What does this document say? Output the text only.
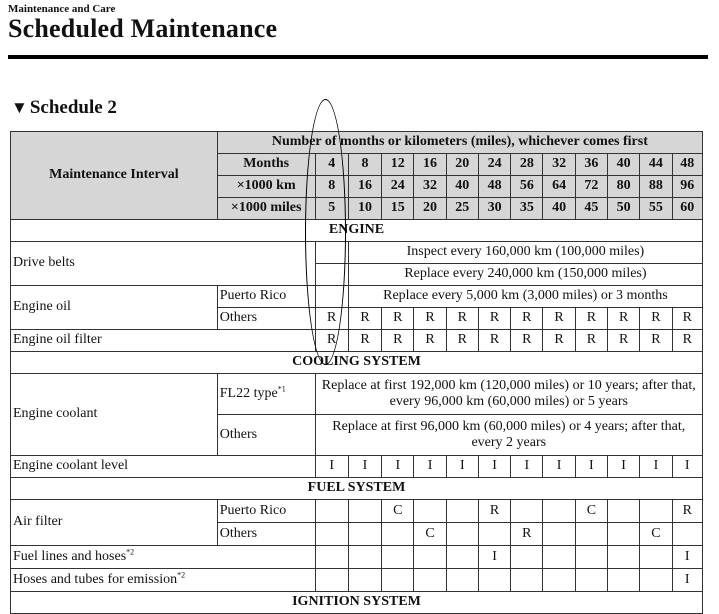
Maintenance and Care
Scheduled Maintenance
▼ Schedule 2
Maintenance Interval	Number of months or kilometers (miles), whichever comes first												
	Months	4	8	12	16	20	24	28	32	36	40	44	48
	×1000 km	8	16	24	32	40	48	56	64	72	80	88	96
	×1000 miles	5	10	15	20	25	30	35	40	45	50	55	60
ENGINE													
Drive belts			Inspect every 160,000 km (100,000 miles)										
			Replace every 240,000 km (150,000 miles)										
Engine oil	Puerto Rico		Replace every 5,000 km (3,000 miles) or 3 months										
	Others	R	R	R	R	R	R	R	R	R	R	R	R
Engine oil filter		R	R	R	R	R	R	R	R	R	R	R	R
COOLING SYSTEM													
Engine coolant	FL22 type$^{*1}$	Replace at first 192,000 km (120,000 miles) or 10 years; after that, every 96,000 km (60,000 miles) or 5 years											
	Others	Replace at first 96,000 km (60,000 miles) or 4 years; after that, every 2 years											
Engine coolant level		I	I	I	I	I	I	I	I	I	I	I	I
FUEL SYSTEM													
Air filter	Puerto Rico			C			R			C			R
	Others				C			R				C	
Fuel lines and hoses$^{*2}$							I						I
Hoses and tubes for emission$^{*2}$													I
IGNITION SYSTEM													
